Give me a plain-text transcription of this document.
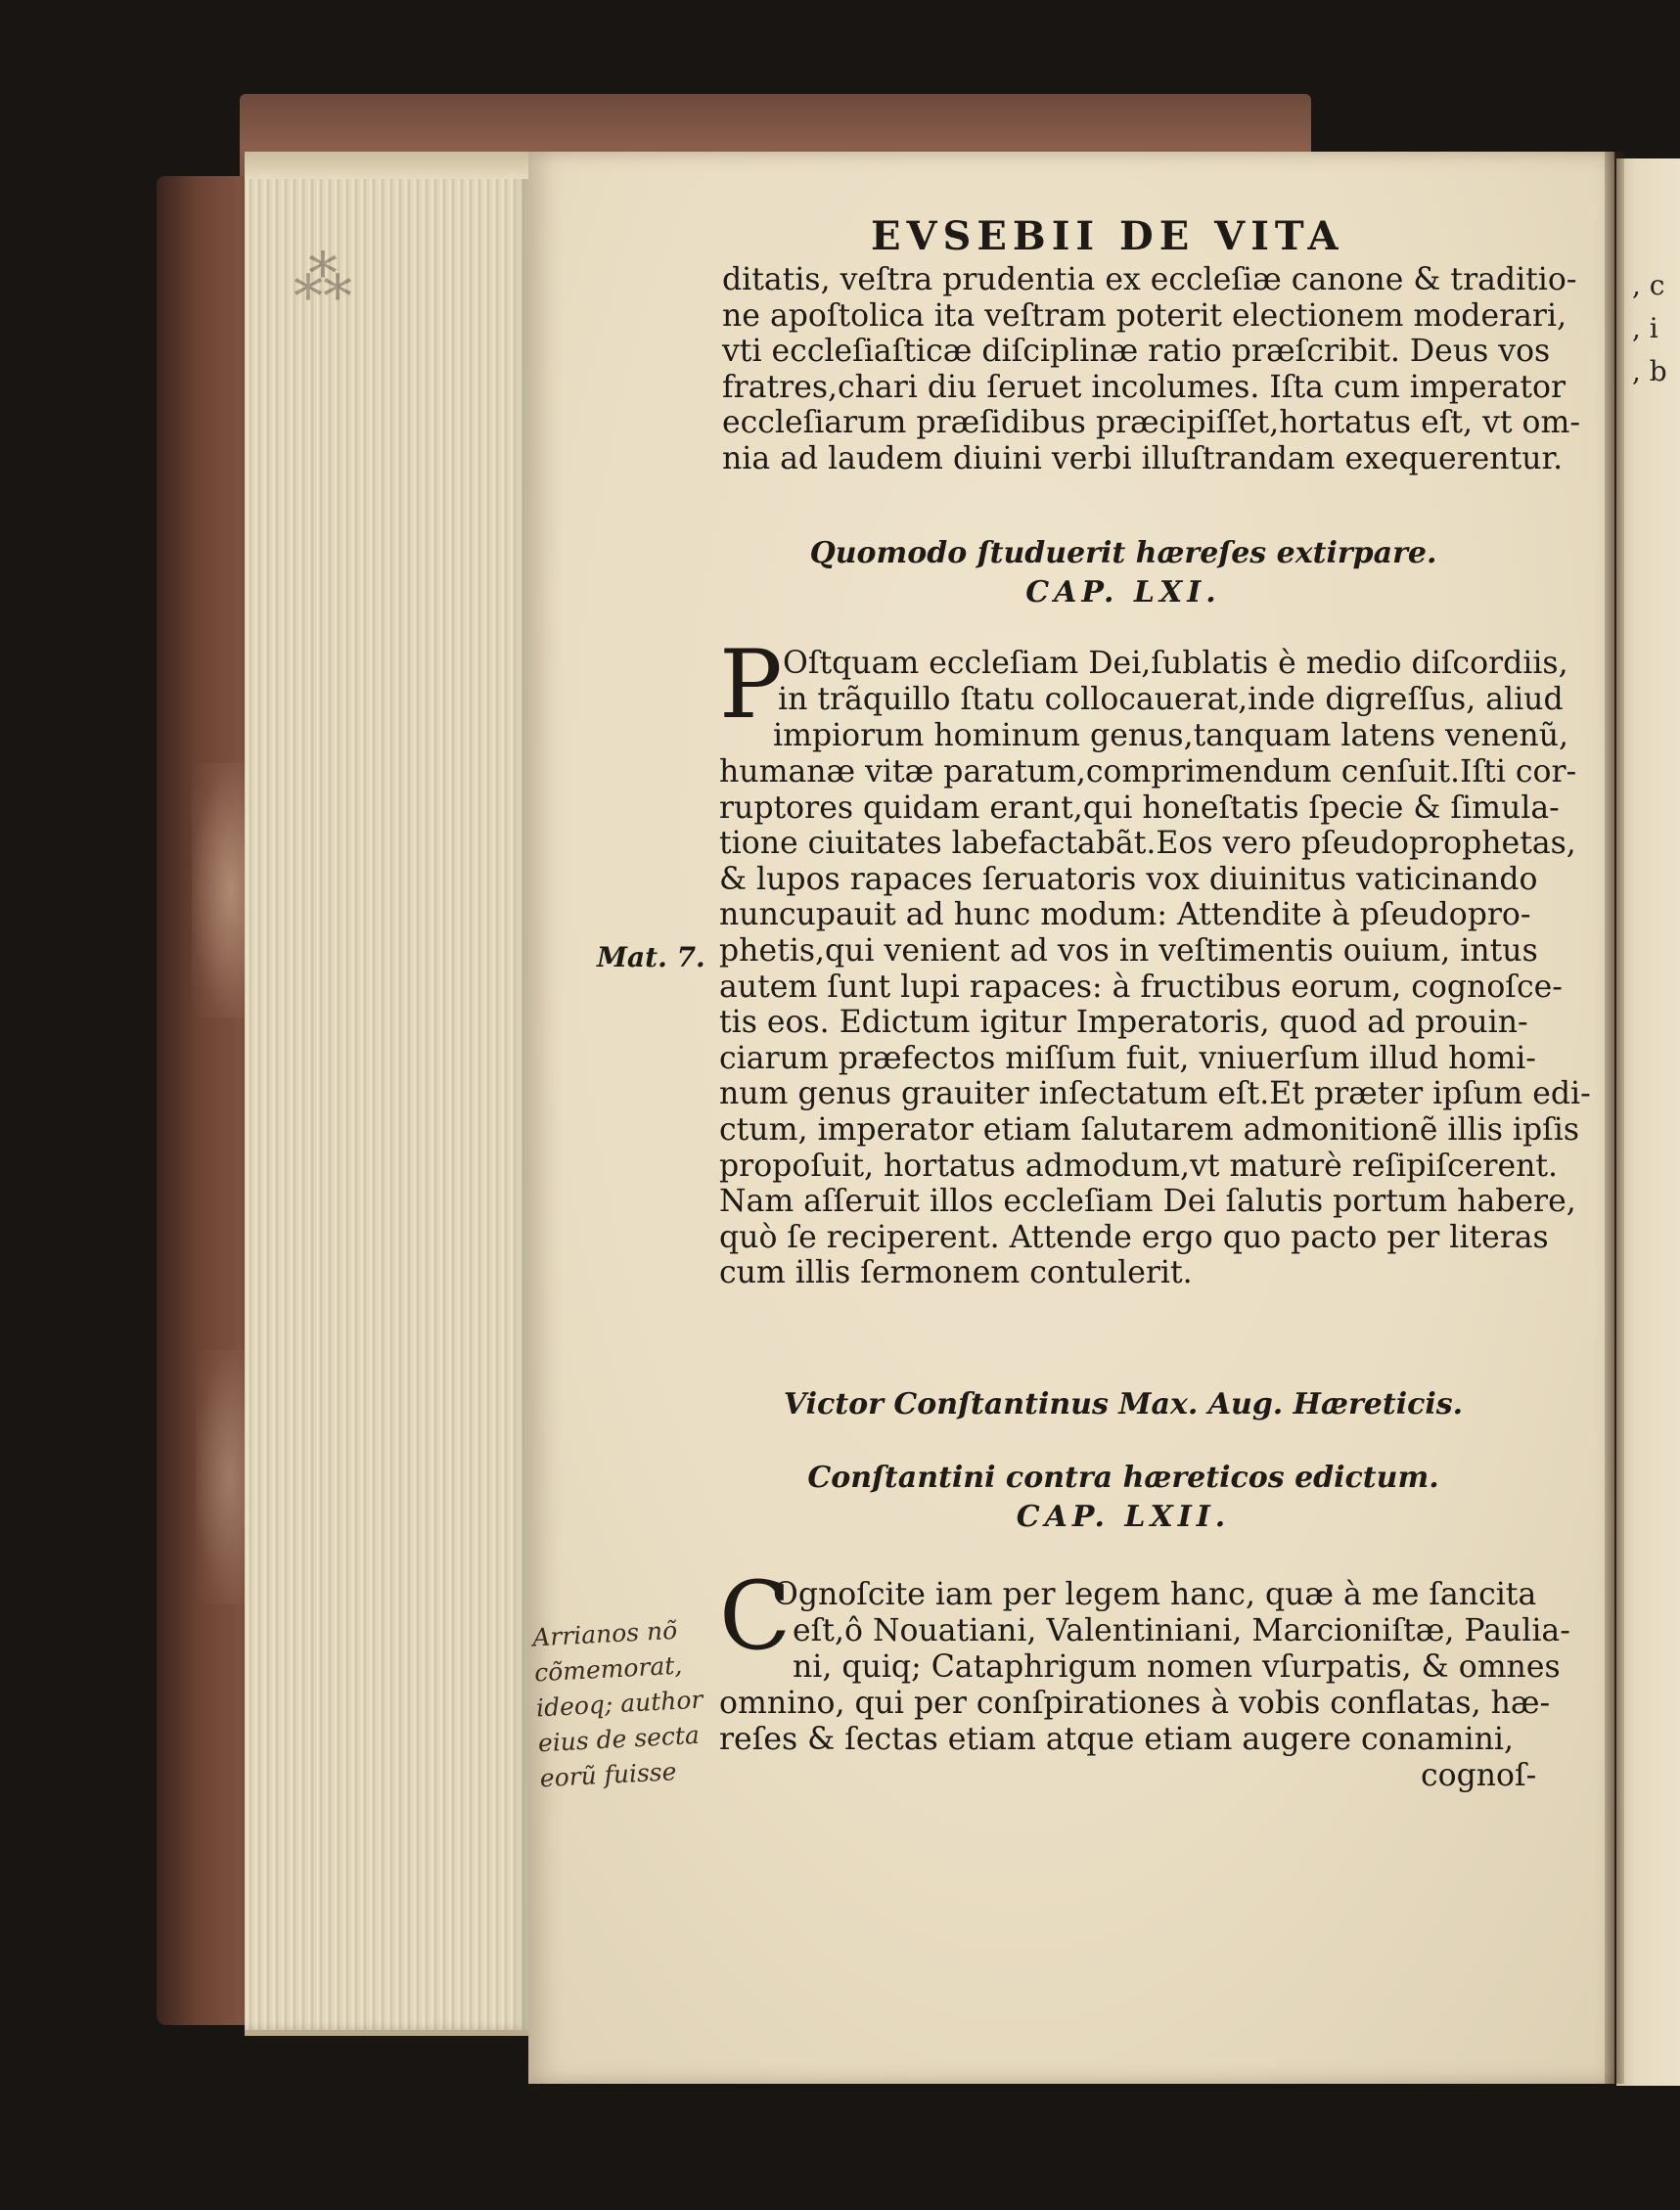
⁂
EVSEBII DE VITA
ditatis, veſtra prudentia ex eccleſiæ canone & traditio-
ne apoſtolica ita veſtram poterit electionem moderari,
vti eccleſiaſticæ diſciplinæ ratio præſcribit. Deus vos
fratres,chari diu ſeruet incolumes. Iſta cum imperator
eccleſiarum præſidibus præcipiſſet,hortatus eſt, vt om-
nia ad laudem diuini verbi illuſtrandam exequerentur.
Quomodo ſtuduerit hæreſes extirpare.
CAP. LXI.
P Oſtquam eccleſiam Dei,ſublatis è medio diſcordiis,
in trãquillo ſtatu collocauerat,inde digreſſus, aliud
impiorum hominum genus,tanquam latens venenũ,
humanæ vitæ paratum,comprimendum cenſuit.Iſti cor-
ruptores quidam erant,qui honeſtatis ſpecie & ſimula-
tione ciuitates labefactabãt.Eos vero pſeudoprophetas,
& lupos rapaces ſeruatoris vox diuinitus vaticinando
nuncupauit ad hunc modum: Attendite à pſeudopro-
phetis,qui venient ad vos in veſtimentis ouium, intus
autem ſunt lupi rapaces: à fructibus eorum, cognoſce-
tis eos. Edictum igitur Imperatoris, quod ad prouin-
ciarum præfectos miſſum fuit, vniuerſum illud homi-
num genus grauiter inſectatum eſt.Et præter ipſum edi-
ctum, imperator etiam ſalutarem admonitionẽ illis ipſis
propoſuit, hortatus admodum,vt maturè reſipiſcerent.
Nam aſſeruit illos eccleſiam Dei ſalutis portum habere,
quò ſe reciperent. Attende ergo quo pacto per literas
cum illis ſermonem contulerit.
Mat. 7.
Victor Conſtantinus Max. Aug. Hæreticis.
Conſtantini contra hæreticos edictum.
CAP. LXII.
C
Ognoſcite iam per legem hanc, quæ à me ſancita
eſt,ô Nouatiani, Valentiniani, Marcioniſtæ, Paulia-
ni, quiq; Cataphrigum nomen vſurpatis, & omnes
omnino, qui per conſpirationes à vobis conflatas, hæ-
reſes & ſectas etiam atque etiam augere conamini,
cognoſ-
Arrianos nõ
cõmemorat,
ideoq; author
eius de secta
eorũ fuisse
, c
, i
, b
